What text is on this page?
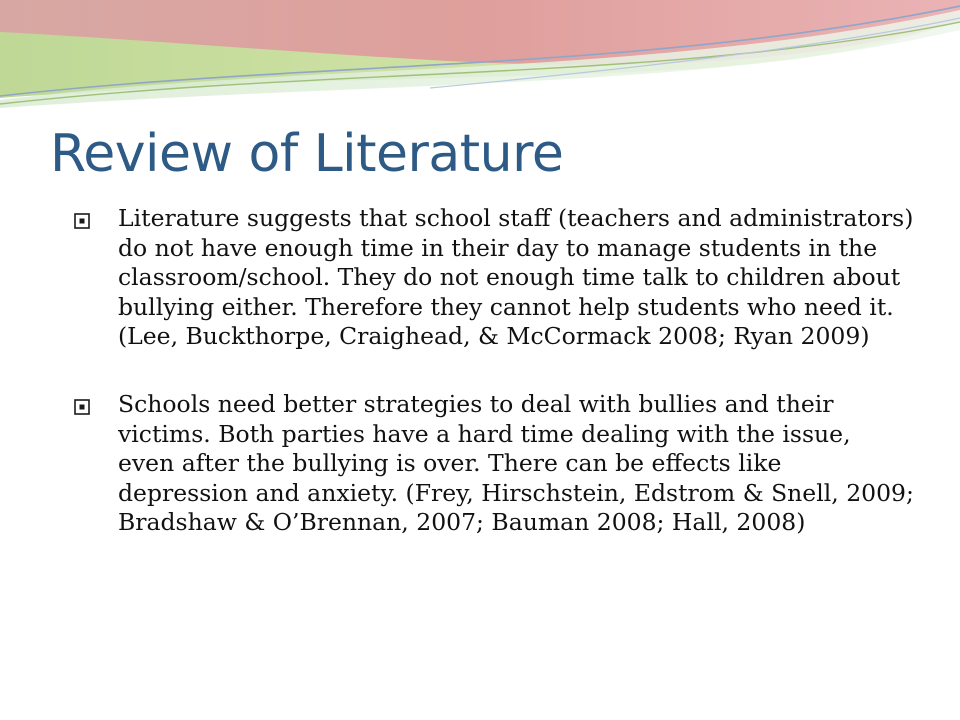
Review of Literature
Literature suggests that school staff (teachers and administrators) do not have enough time in their day to manage students in the classroom/school. They do not enough time talk to children about bullying either. Therefore they cannot help students who need it. (Lee, Buckthorpe, Craighead, & McCormack 2008; Ryan 2009)
Schools need better strategies to deal with bullies and their victims. Both parties have a hard time dealing with the issue, even after the bullying is over. There can be effects like depression and anxiety. (Frey, Hirschstein, Edstrom & Snell, 2009; Bradshaw & O’Brennan, 2007; Bauman 2008; Hall, 2008)
